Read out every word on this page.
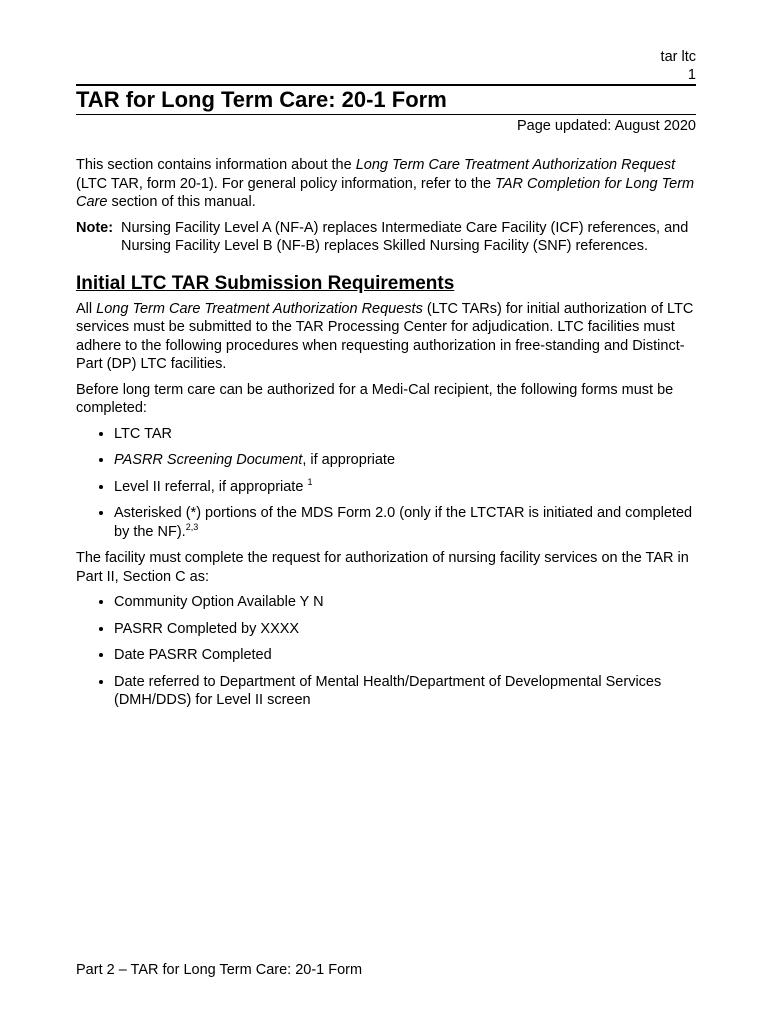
tar ltc
1
TAR for Long Term Care: 20-1 Form
Page updated: August 2020

This section contains information about the Long Term Care Treatment Authorization Request (LTC TAR, form 20-1). For general policy information, refer to the TAR Completion for Long Term Care section of this manual.

Note: Nursing Facility Level A (NF-A) replaces Intermediate Care Facility (ICF) references, and Nursing Facility Level B (NF-B) replaces Skilled Nursing Facility (SNF) references.
Initial LTC TAR Submission Requirements

All Long Term Care Treatment Authorization Requests (LTC TARs) for initial authorization of LTC services must be submitted to the TAR Processing Center for adjudication. LTC facilities must adhere to the following procedures when requesting authorization in free-standing and Distinct-Part (DP) LTC facilities.

Before long term care can be authorized for a Medi-Cal recipient, the following forms must be completed:

• LTC TAR
• PASRR Screening Document, if appropriate
• Level II referral, if appropriate $^1$
• Asterisked (*) portions of the MDS Form 2.0 (only if the LTCTAR is initiated and completed by the NF).$^{2,3}$

The facility must complete the request for authorization of nursing facility services on the TAR in Part II, Section C as:

• Community Option Available Y N
• PASRR Completed by XXXX
• Date PASRR Completed
• Date referred to Department of Mental Health/Department of Developmental Services (DMH/DDS) for Level II screen
Part 2 – TAR for Long Term Care: 20-1 Form
